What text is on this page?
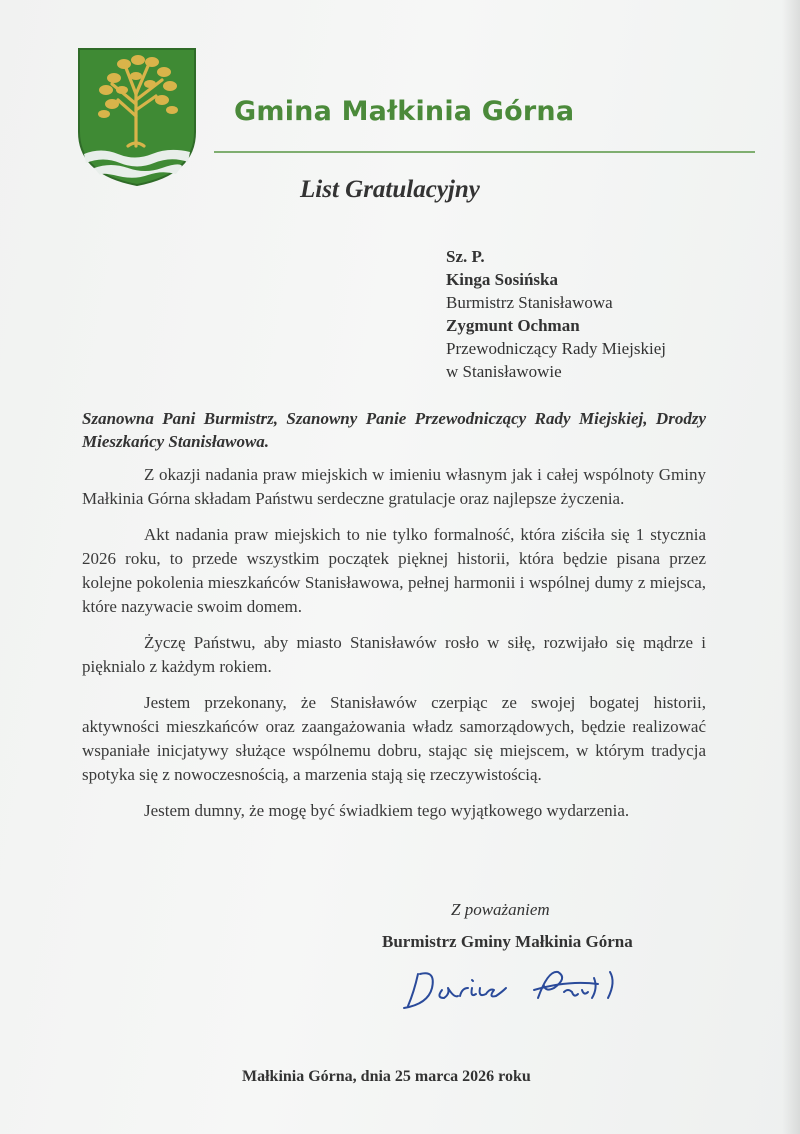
Gmina Małkinia Górna
List Gratulacyjny
Sz. P.
Kinga Sosińska
Burmistrz Stanisławowa
Zygmunt Ochman
Przewodniczący Rady Miejskiej
w Stanisławowie
Szanowna Pani Burmistrz, Szanowny Panie Przewodniczący Rady Miejskiej, Drodzy Mieszkańcy Stanisławowa.

Z okazji nadania praw miejskich w imieniu własnym jak i całej wspólnoty Gminy Małkinia Górna składam Państwu serdeczne gratulacje oraz najlepsze życzenia.

Akt nadania praw miejskich to nie tylko formalność, która ziściła się 1 stycznia 2026 roku, to przede wszystkim początek pięknej historii, która będzie pisana przez kolejne pokolenia mieszkańców Stanisławowa, pełnej harmonii i wspólnej dumy z miejsca, które nazywacie swoim domem.

Życzę Państwu, aby miasto Stanisławów rosło w siłę, rozwijało się mądrze i pięknialo z każdym rokiem.

Jestem przekonany, że Stanisławów czerpiąc ze swojej bogatej historii, aktywności mieszkańców oraz zaangażowania władz samorządowych, będzie realizować wspaniałe inicjatywy służące wspólnemu dobru, stając się miejscem, w którym tradycja spotyka się z nowoczesnością, a marzenia stają się rzeczywistością.

Jestem dumny, że mogę być świadkiem tego wyjątkowego wydarzenia.

Z poważaniem
Burmistrz Gminy Małkinia Górna
Małkinia Górna, dnia 25 marca 2026 roku
